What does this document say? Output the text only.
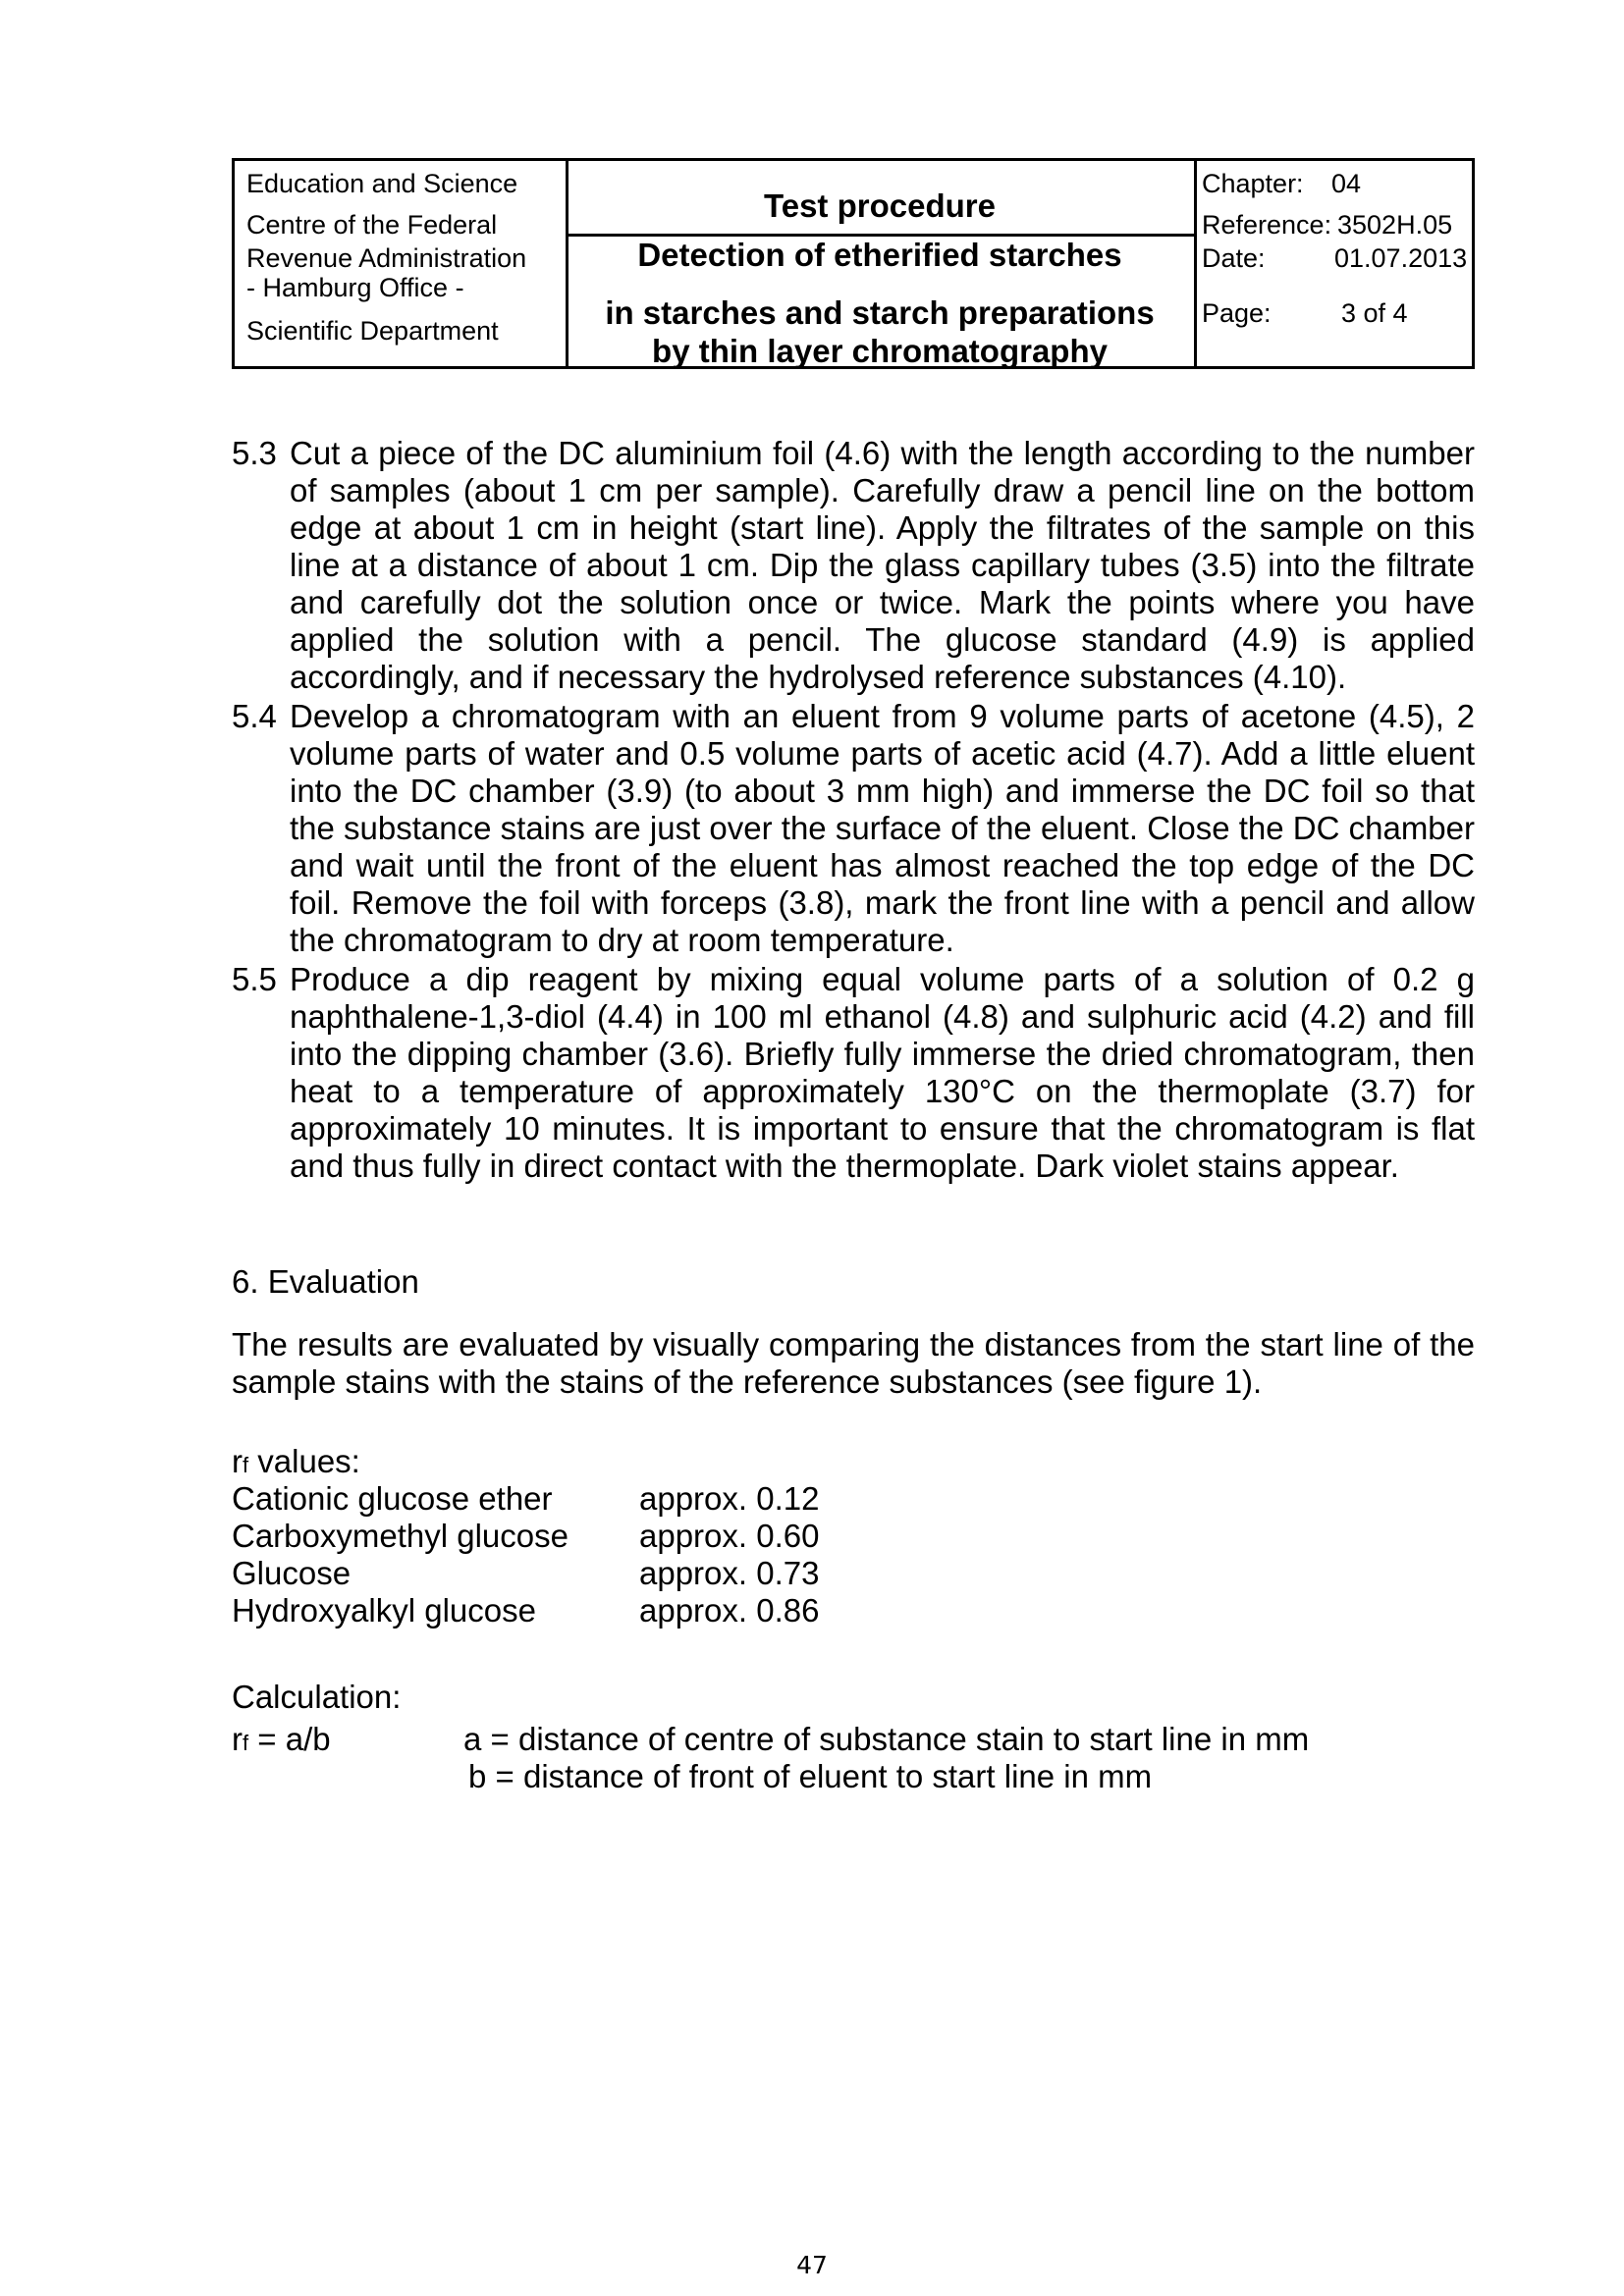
Education and Science
Centre of the Federal
Revenue Administration
- Hamburg Office -
Scientific Department
Test procedure
Detection of etherified starches
in starches and starch preparations
by thin layer chromatography
Chapter: 04
Reference: 3502H.05
Date:	01.07.2013
Page:	3 of 4
5.3 Cut a piece of the DC aluminium foil (4.6) with the length according to the number of samples (about 1 cm per sample). Carefully draw a pencil line on the bottom edge at about 1 cm in height (start line). Apply the filtrates of the sample on this line at a distance of about 1 cm. Dip the glass capillary tubes (3.5) into the filtrate and carefully dot the solution once or twice. Mark the points where you have applied the solution with a pencil. The glucose standard (4.9) is applied accordingly, and if necessary the hydrolysed reference substances (4.10).
5.4 Develop a chromatogram with an eluent from 9 volume parts of acetone (4.5), 2 volume parts of water and 0.5 volume parts of acetic acid (4.7). Add a little eluent into the DC chamber (3.9) (to about 3 mm high) and immerse the DC foil so that the substance stains are just over the surface of the eluent. Close the DC chamber and wait until the front of the eluent has almost reached the top edge of the DC foil. Remove the foil with forceps (3.8), mark the front line with a pencil and allow the chromatogram to dry at room temperature.
5.5 Produce a dip reagent by mixing equal volume parts of a solution of 0.2 g naphthalene-1,3-diol (4.4) in 100 ml ethanol (4.8) and sulphuric acid (4.2) and fill into the dipping chamber (3.6). Briefly fully immerse the dried chromatogram, then heat to a temperature of approximately 130°C on the thermoplate (3.7) for approximately 10 minutes. It is important to ensure that the chromatogram is flat and thus fully in direct contact with the thermoplate. Dark violet stains appear.
6. Evaluation
The results are evaluated by visually comparing the distances from the start line of the sample stains with the stains of the reference substances (see figure 1).
rf values:
Cationic glucose ether	approx. 0.12
Carboxymethyl glucose approx. 0.60
Glucose	approx. 0.73
Hydroxyalkyl glucose	approx. 0.86
Calculation:
rf = a/b	a = distance of centre of substance stain to start line in mm
b = distance of front of eluent to start line in mm
47
